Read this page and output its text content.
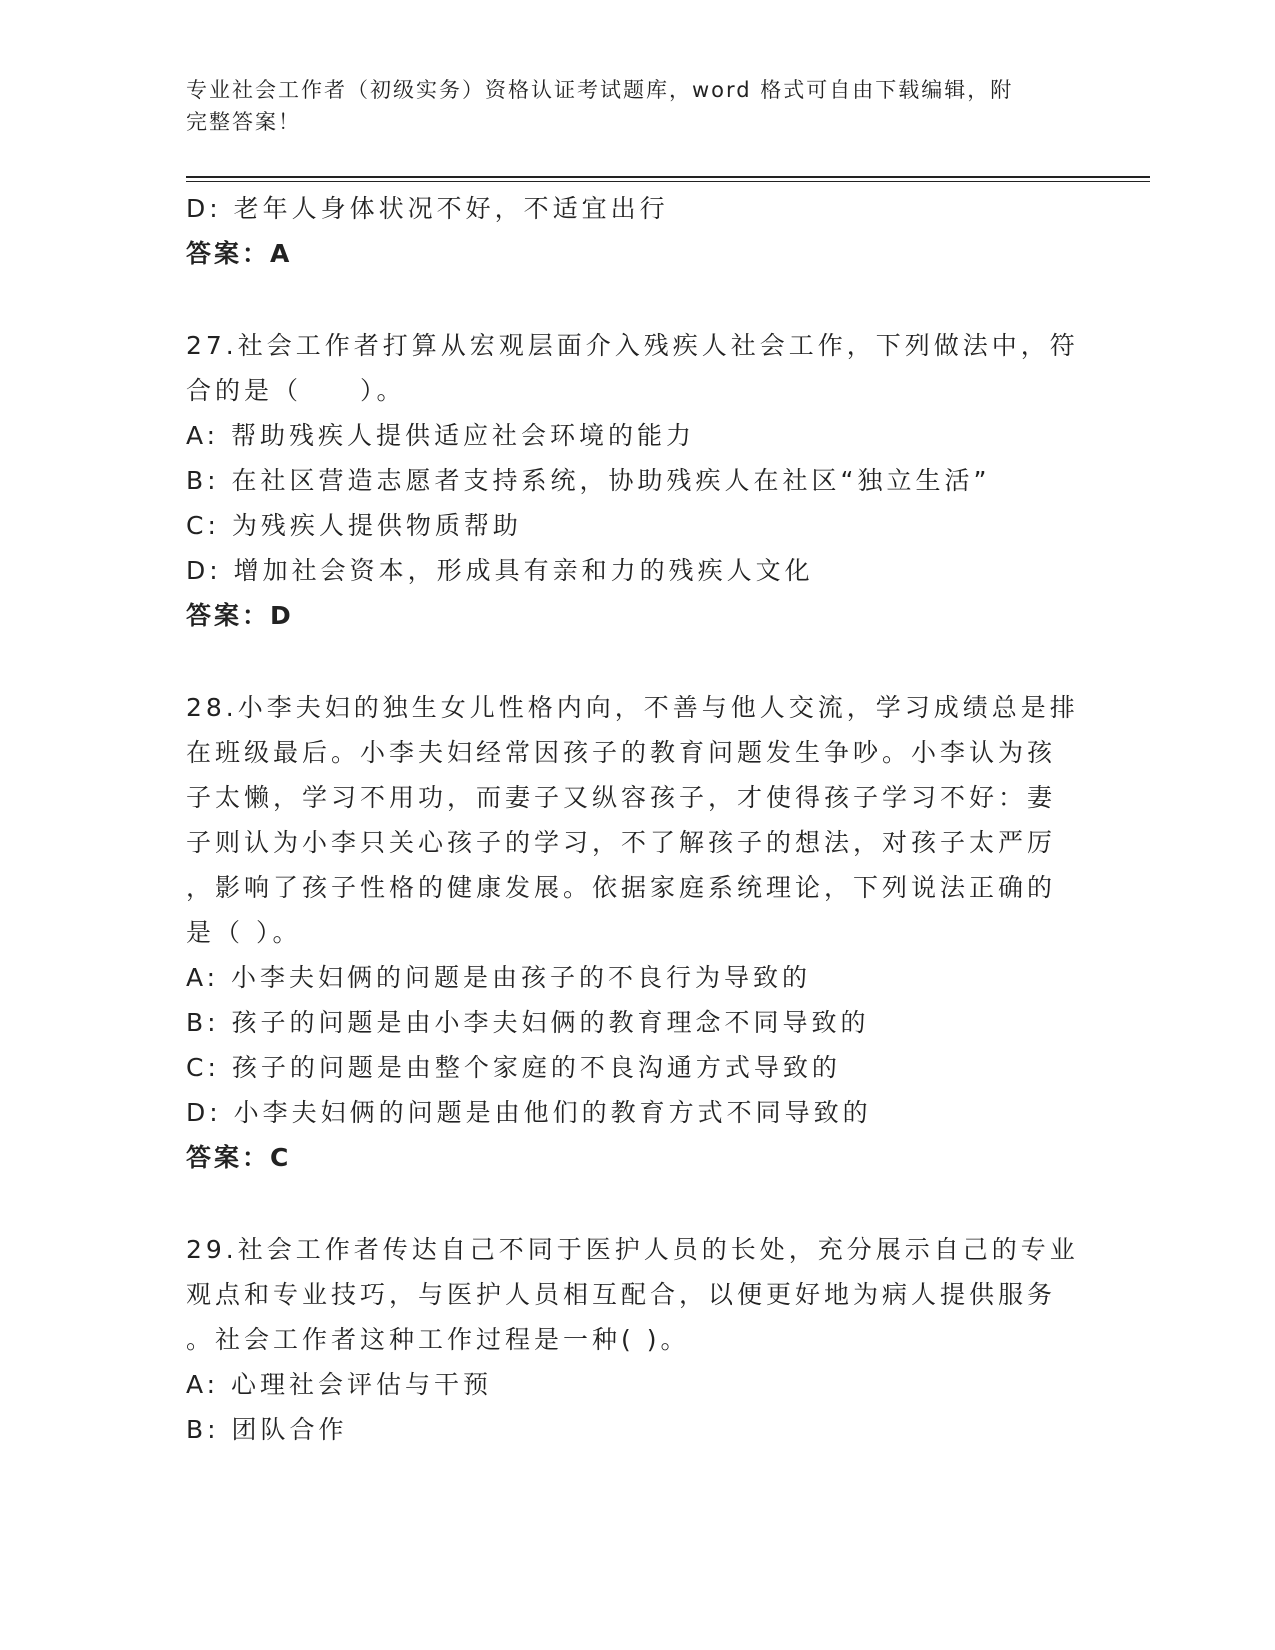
专业社会工作者（初级实务）资格认证考试题库，word 格式可自由下载编辑，附
完整答案！
D: 老年人身体状况不好，不适宜出行
答案：A
27.社会工作者打算从宏观层面介入残疾人社会工作，下列做法中，符
合的是（　　）。
A: 帮助残疾人提供适应社会环境的能力
B: 在社区营造志愿者支持系统，协助残疾人在社区“独立生活”
C: 为残疾人提供物质帮助
D: 增加社会资本，形成具有亲和力的残疾人文化
答案：D
28.小李夫妇的独生女儿性格内向，不善与他人交流，学习成绩总是排
在班级最后。小李夫妇经常因孩子的教育问题发生争吵。小李认为孩
子太懒，学习不用功，而妻子又纵容孩子，才使得孩子学习不好：妻
子则认为小李只关心孩子的学习，不了解孩子的想法，对孩子太严厉
，影响了孩子性格的健康发展。依据家庭系统理论，下列说法正确的
是（ ）。
A: 小李夫妇俩的问题是由孩子的不良行为导致的
B: 孩子的问题是由小李夫妇俩的教育理念不同导致的
C: 孩子的问题是由整个家庭的不良沟通方式导致的
D: 小李夫妇俩的问题是由他们的教育方式不同导致的
答案：C
29.社会工作者传达自己不同于医护人员的长处，充分展示自己的专业
观点和专业技巧，与医护人员相互配合，以便更好地为病人提供服务
。社会工作者这种工作过程是一种( )。
A: 心理社会评估与干预
B: 团队合作
